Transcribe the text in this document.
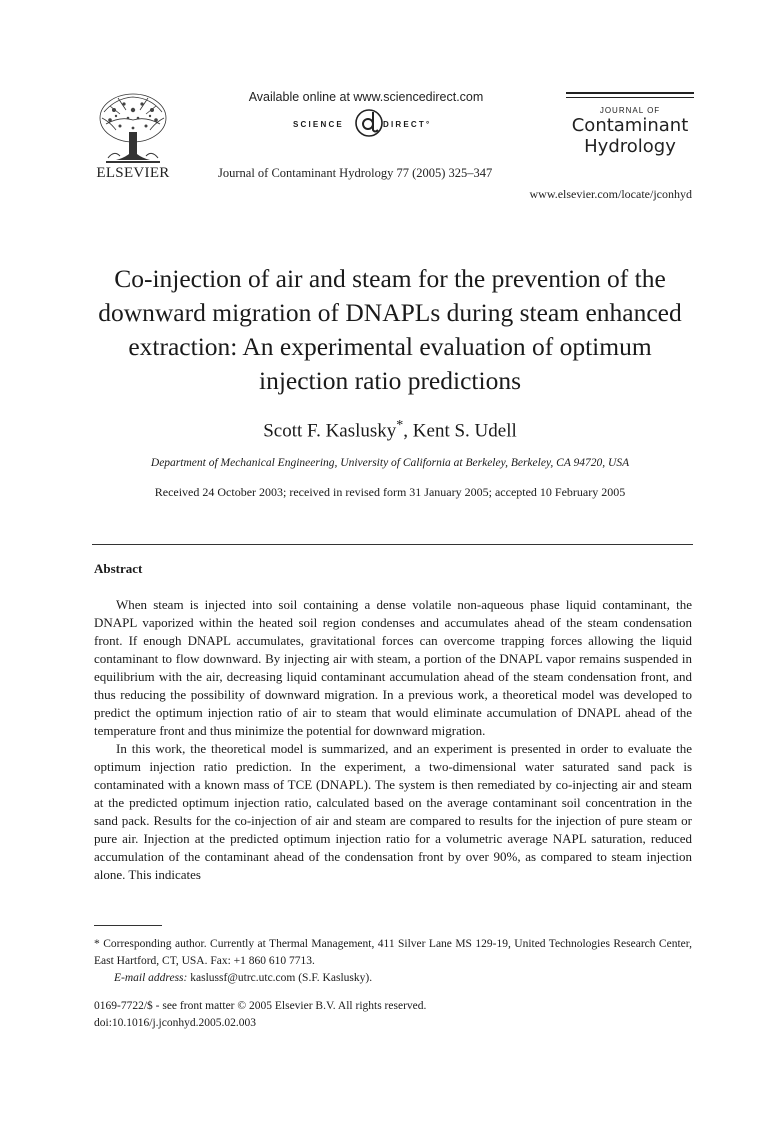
ELSEVIER
Available online at www.sciencedirect.com
SCIENCE	DIRECT°
Journal of Contaminant Hydrology 77 (2005) 325–347
JOURNAL OF
Contaminant
Hydrology
www.elsevier.com/locate/jconhyd
Co-injection of air and steam for the prevention of the downward migration of DNAPLs during steam enhanced extraction: An experimental evaluation of optimum injection ratio predictions
Scott F. Kaslusky*, Kent S. Udell
Department of Mechanical Engineering, University of California at Berkeley, Berkeley, CA 94720, USA
Received 24 October 2003; received in revised form 31 January 2005; accepted 10 February 2005
Abstract

When steam is injected into soil containing a dense volatile non-aqueous phase liquid contaminant, the DNAPL vaporized within the heated soil region condenses and accumulates ahead of the steam condensation front. If enough DNAPL accumulates, gravitational forces can overcome trapping forces allowing the liquid contaminant to flow downward. By injecting air with steam, a portion of the DNAPL vapor remains suspended in equilibrium with the air, decreasing liquid contaminant accumulation ahead of the steam condensation front, and thus reducing the possibility of downward migration. In a previous work, a theoretical model was developed to predict the optimum injection ratio of air to steam that would eliminate accumulation of DNAPL ahead of the temperature front and thus minimize the potential for downward migration.

In this work, the theoretical model is summarized, and an experiment is presented in order to evaluate the optimum injection ratio prediction. In the experiment, a two-dimensional water saturated sand pack is contaminated with a known mass of TCE (DNAPL). The system is then remediated by co-injecting air and steam at the predicted optimum injection ratio, calculated based on the average contaminant soil concentration in the sand pack. Results for the co-injection of air and steam are compared to results for the injection of pure steam or pure air. Injection at the predicted optimum injection ratio for a volumetric average NAPL saturation, reduced accumulation of the contaminant ahead of the condensation front by over 90%, as compared to steam injection alone. This indicates

* Corresponding author. Currently at Thermal Management, 411 Silver Lane MS 129-19, United Technologies Research Center, East Hartford, CT, USA. Fax: +1 860 610 7713.
E-mail address: kaslussf@utrc.utc.com (S.F. Kaslusky).
0169-7722/$ - see front matter © 2005 Elsevier B.V. All rights reserved.
doi:10.1016/j.jconhyd.2005.02.003
